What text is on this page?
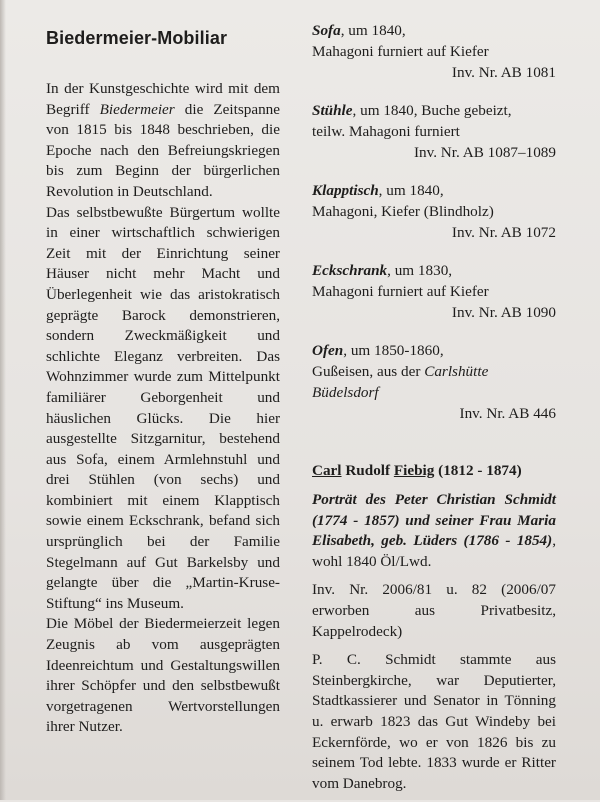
Biedermeier-Mobiliar

In der Kunstgeschichte wird mit dem Begriff Biedermeier die Zeitspanne von 1815 bis 1848 beschrieben, die Epoche nach den Befreiungskriegen bis zum Beginn der bürgerlichen Revolution in Deutschland.

Das selbstbewußte Bürgertum wollte in einer wirtschaftlich schwierigen Zeit mit der Einrichtung seiner Häuser nicht mehr Macht und Überlegenheit wie das aristokratisch geprägte Barock demonstrieren, sondern Zweckmäßigkeit und schlichte Eleganz verbreiten. Das Wohnzimmer wurde zum Mittelpunkt familiärer Geborgenheit und häuslichen Glücks. Die hier ausgestellte Sitzgarnitur, bestehend aus Sofa, einem Armlehnstuhl und drei Stühlen (von sechs) und kombiniert mit einem Klapptisch sowie einem Eckschrank, befand sich ursprünglich bei der Familie Stegelmann auf Gut Barkelsby und gelangte über die „Martin-Kruse-Stiftung“ ins Museum.

Die Möbel der Biedermeierzeit legen Zeugnis ab vom ausgeprägten Ideenreichtum und Gestaltungswillen ihrer Schöpfer und den selbstbewußt vorgetragenen Wertvorstellungen ihrer Nutzer.

Sofa, um 1840,
Mahagoni furniert auf Kiefer
Inv. Nr. AB 1081
Stühle, um 1840, Buche gebeizt,
teilw. Mahagoni furniert
Inv. Nr. AB 1087–1089
Klapptisch, um 1840,
Mahagoni, Kiefer (Blindholz)
Inv. Nr. AB 1072
Eckschrank, um 1830,
Mahagoni furniert auf Kiefer
Inv. Nr. AB 1090
Ofen, um 1850-1860,
Gußeisen, aus der Carlshütte Büdelsdorf
Inv. Nr. AB 446
Carl Rudolf Fiebig (1812 - 1874)

Porträt des Peter Christian Schmidt (1774 - 1857) und seiner Frau Maria Elisabeth, geb. Lüders (1786 - 1854), wohl 1840 Öl/Lwd.

Inv. Nr. 2006/81 u. 82 (2006/07 erworben aus Privatbesitz, Kappelrodeck)

P. C. Schmidt stammte aus Steinbergkirche, war Deputierter, Stadtkassierer und Senator in Tönning u. erwarb 1823 das Gut Windeby bei Eckernförde, wo er von 1826 bis zu seinem Tod lebte. 1833 wurde er Ritter vom Danebrog.
